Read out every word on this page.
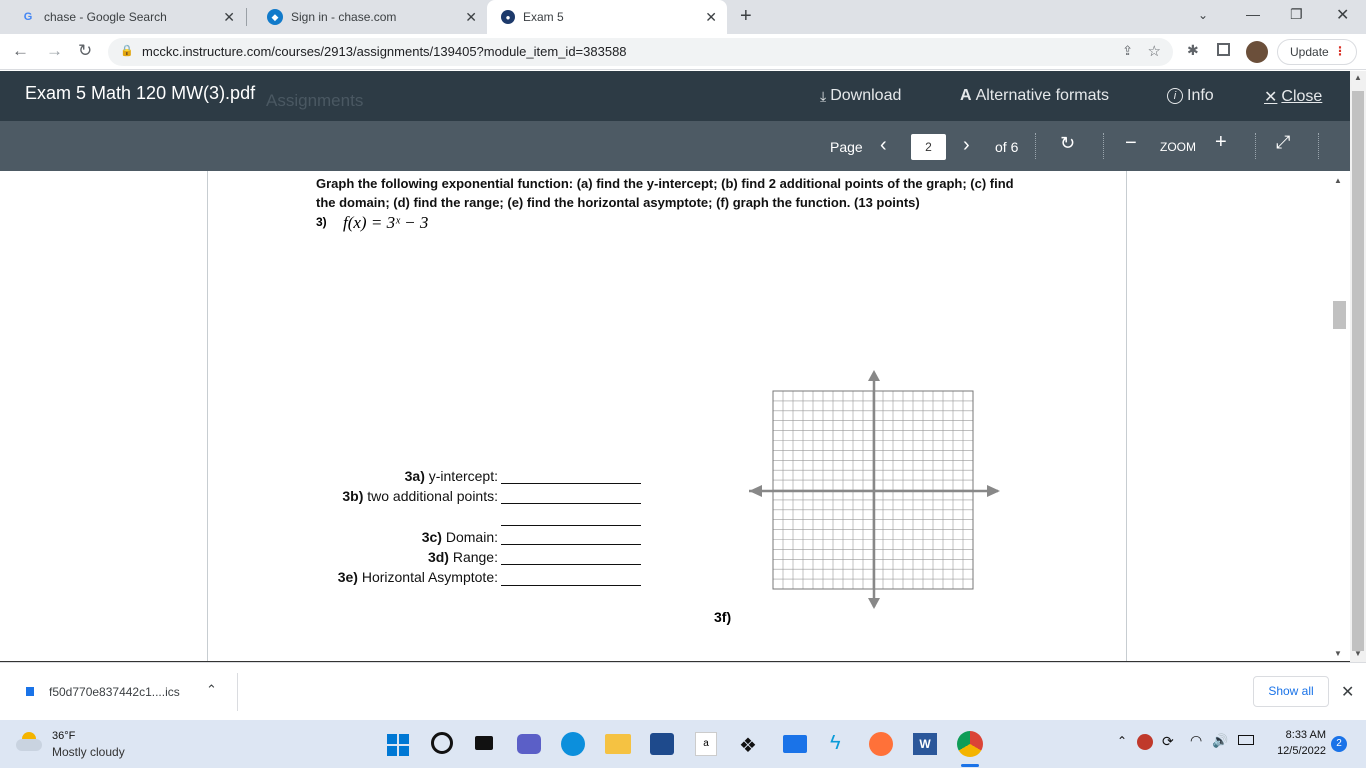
G chase - Google Search	✕	◆	Sign in - chase.com	✕	●	Exam 5	✕ +	⌄	— ❐ ✕
← → ↻	🔒 mcckc.instructure.com/courses/2913/assignments/139405?module_item_id=383588	⇪ ☆ ✱	Update ⋮
Assignments
Exam 5 Math 120 MW(3).pdf	⤓ Download	A Alternative formats	i Info	✕ Close
Page ‹	2	› of 6 ↻ − ZOOM +	⤢
Graph the following exponential function: (a) find the y-intercept; (b) find 2 additional points of the graph; (c) find the domain; (d) find the range; (e) find the horizontal asymptote; (f) graph the function. (13 points)
3) f(x) = 3ˣ − 3
3a) y-intercept:
3b) two additional points:
3c) Domain:
3d) Range:
3e) Horizontal Asymptote:
3f)
▲
▼
▲
▼
f50d770e837442c1....ics ⌃	Show all	✕
36°F
Mostly cloudy
a	❖	ϟ	W	⌃ ⟳ ◠ 🔊	8:33 AM
12/5/2022
2
